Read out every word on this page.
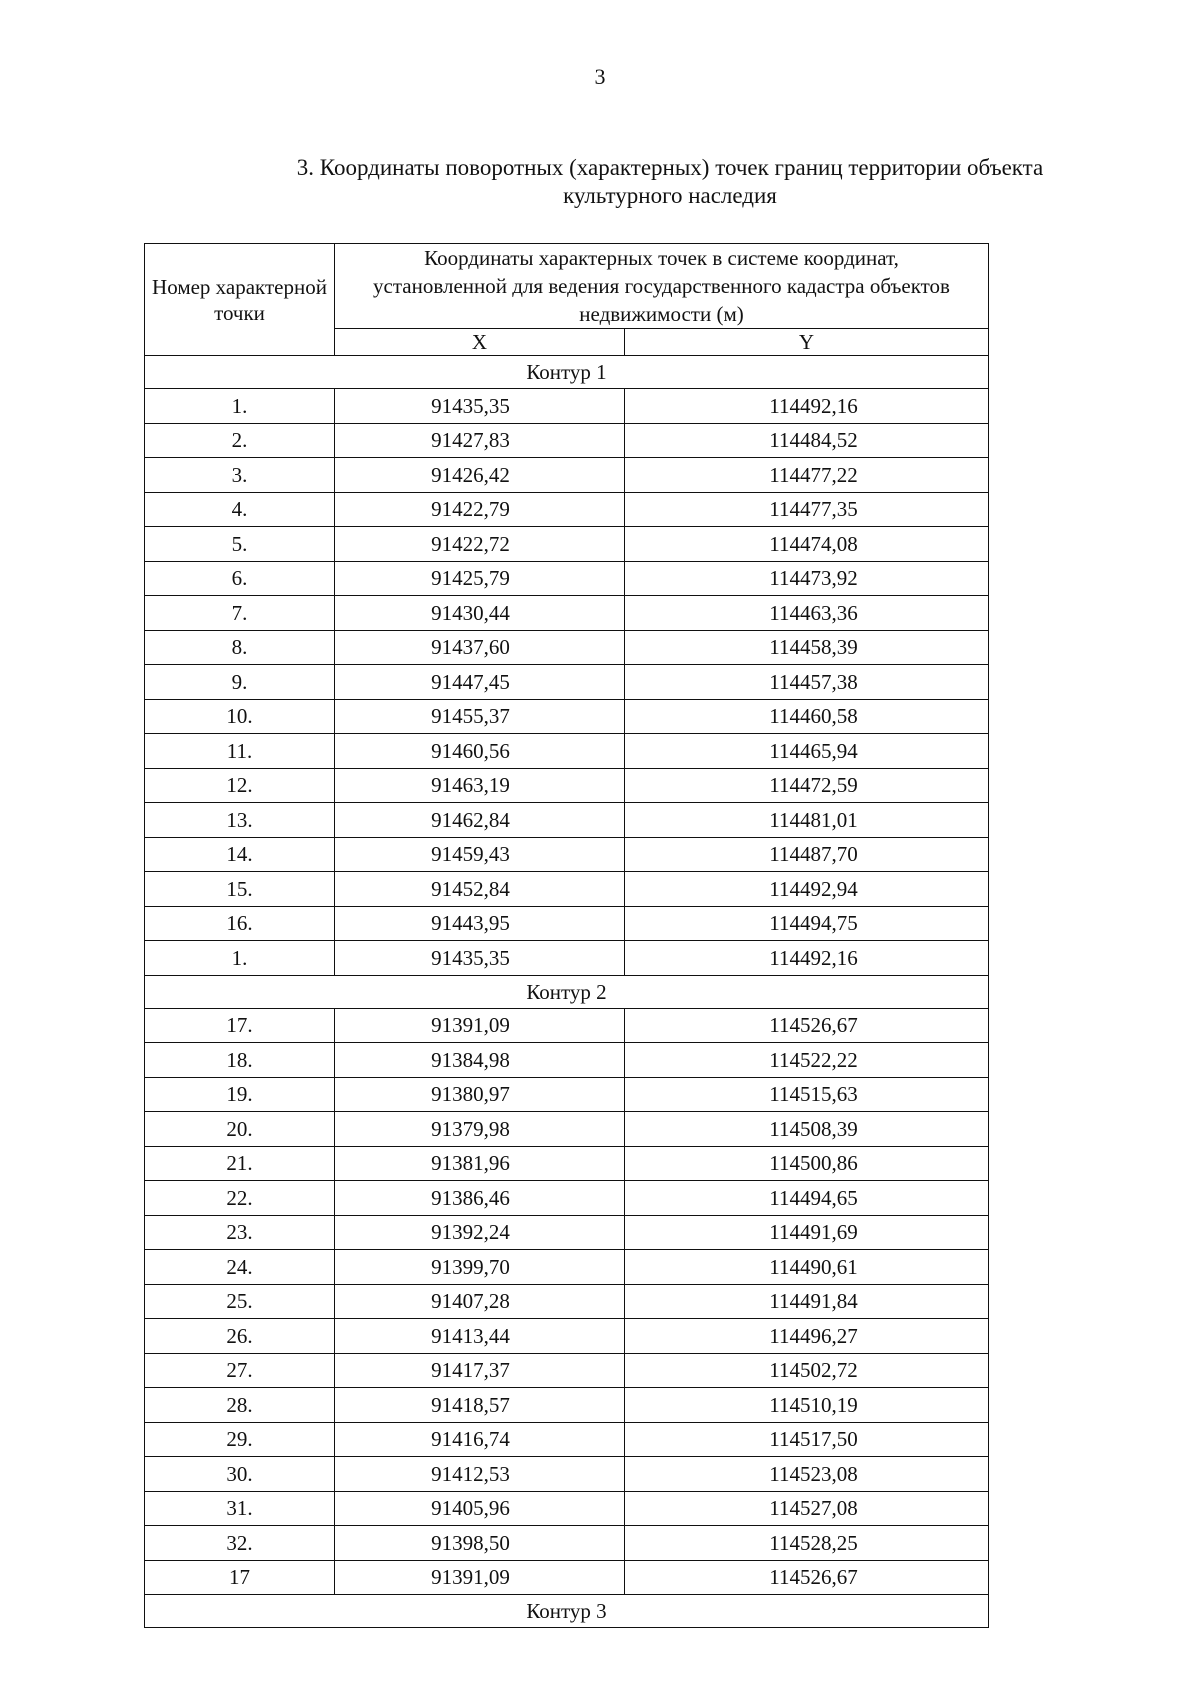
3
3. Координаты поворотных (характерных) точек границ территории объекта
культурного наследия
Номер характерной точки	Координаты характерных точек в системе координат, установленной для ведения государственного кадастра объектов недвижимости (м)	
	X	Y
Контур 1		
1.	91435,35	114492,16
2.	91427,83	114484,52
3.	91426,42	114477,22
4.	91422,79	114477,35
5.	91422,72	114474,08
6.	91425,79	114473,92
7.	91430,44	114463,36
8.	91437,60	114458,39
9.	91447,45	114457,38
10.	91455,37	114460,58
11.	91460,56	114465,94
12.	91463,19	114472,59
13.	91462,84	114481,01
14.	91459,43	114487,70
15.	91452,84	114492,94
16.	91443,95	114494,75
1.	91435,35	114492,16
Контур 2		
17.	91391,09	114526,67
18.	91384,98	114522,22
19.	91380,97	114515,63
20.	91379,98	114508,39
21.	91381,96	114500,86
22.	91386,46	114494,65
23.	91392,24	114491,69
24.	91399,70	114490,61
25.	91407,28	114491,84
26.	91413,44	114496,27
27.	91417,37	114502,72
28.	91418,57	114510,19
29.	91416,74	114517,50
30.	91412,53	114523,08
31.	91405,96	114527,08
32.	91398,50	114528,25
17	91391,09	114526,67
Контур 3		
